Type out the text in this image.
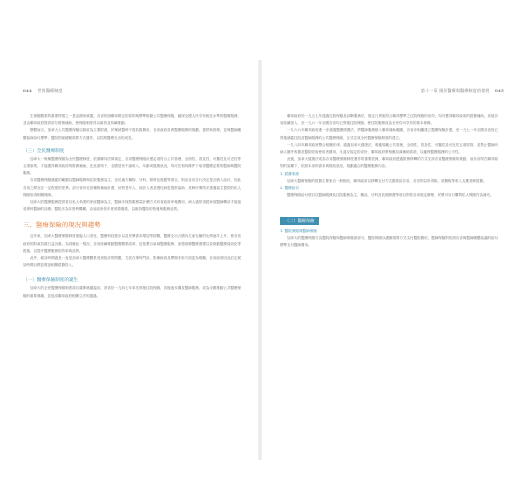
044 世界醫療制度

生保險體系的重要特徵之一是由國家統籌，各省依照聯邦制定的原則與標準推動公共醫療保險，確保全國人民享有相近水準的醫療服務，並由聯邦政府提供部分財務補助，使保險制度得以維持並持續推動。

整體而言，加拿大公共醫療保險以稅收為主要財源，民眾就醫時不需負擔費用，各省政府負責醫療服務的規劃、提供與管理，並與醫師團體協商給付標準；醫院則採總額預算方式運作，以控制醫療支出的成長。

（三）全民醫療制度

加拿大一般稱醫療保險為全民醫療制度，依照聯邦法律規定，各省醫療保險計畫必須符合公共管理、全面性、普及性、可攜性及可近性等五項原則，才能獲得聯邦政府的財務補助。在此原則下，全國居民不論收入、年齡或健康狀況，均可在相同條件下取得醫療必要的醫師與醫院服務。

各省醫療保險涵蓋的範圍以醫師服務與住院服務為主，至於處方藥物、牙科、眼科及復健等項目，則由各省自行決定是否納入給付，因此各省之間存在一定程度的差異。部分省份另設藥物補助計畫，針對老年人、低收入者及慢性病患提供協助；其餘民眾則多透過雇主提供的私人保險取得相關保障。

加拿大的醫療服務提供者以私人執業的家庭醫師為主，醫師多採按服務量計酬方式向省政府申報費用，病人通常須經家庭醫師轉診才能接受專科醫師的診療。醫院多為非營利機構，由省政府依年度預算撥款，以維持醫院的營運與服務品質。

三、醫療保險的現況與趨勢

近年來，加拿大醫療保險制度面臨人口老化、醫療科技進步以及民眾需求增加等挑戰，醫療支出占國內生產毛額的比例逐年上升，使各省政府的財政負擔日益沉重。為因應此一情況，各省陸續推動醫療體系改革，包括整合區域醫療服務、加強基層醫療照護以及推動醫療資訊化等措施，以提升醫療服務的效率與品質。

此外，候診時間過長一直是加拿大醫療體系受到批評的問題，尤其在專科門診、影像檢查及擇期手術方面更為明顯，各省政府因此訂定候診時間目標並增加相關經費投入。

（一）醫療保險制度的誕生

加拿大的全民醫療保險制度源自薩斯喀徹溫省，該省於一九四七年率先實施住院保險，其後逐步擴及醫師服務，成為全國推動公共醫療保險的重要典範，並促成聯邦政府相關立法的通過。

第十一章 國民醫療與醫療制度的發展 045

聯邦政府於一九五七年通過住院保險及診斷服務法，規定凡實施符合聯邦標準之住院保險的省份，均可獲得聯邦政府的經費補助。其後各省陸續加入，至一九六一年全國各省均已實施住院保險，使住院服務成為全民均可享有的基本保障。

一九六六年聯邦政府進一步通過醫療照護法，將醫師服務納入聯邦補助範圍，各省亦相繼建立醫療保險計畫，至一九七一年全國各省皆已實施涵蓋住院及醫師服務的公共醫療保險，正式完成全民醫療保險制度的建立。

一九八四年聯邦政府整合相關法律，通過加拿大健康法，明確規範公共管理、全面性、普及性、可攜性及可近性五項原則，並禁止醫師向病人額外收費及醫院收取使用者費用，凡違反規定的省份，聯邦政府將相應扣減補助款項，以確保醫療服務的公平性。

此後，加拿大健康法成為各省醫療保險制度運作的重要依據，聯邦政府透過財務移轉的方式支持各省醫療保險的推動，而各省則在聯邦原則的架構下，依照本身的需求與財政狀況，規劃適合的醫療服務內容。

1. 經費來源

加拿大醫療保險的經費主要來自一般稅收，聯邦政府以移轉支付方式撥款給各省，各省則以所得稅、消費稅等收入支應其餘經費。

2. 醫療給付

醫療保險給付項目以醫師服務及住院服務為主，藥品、牙科及長期照護等項目則依各省規定辦理，民眾可另行購買私人保險作為補充。

（二）醫療保險

1. 醫院保險與醫師保險

加拿大的醫療保險分為醫院保險與醫師保險兩部分，醫院保險以總額預算方式支付醫院費用，醫師保險則依照各省與醫師團體協議的給付標準支付醫師費用。
